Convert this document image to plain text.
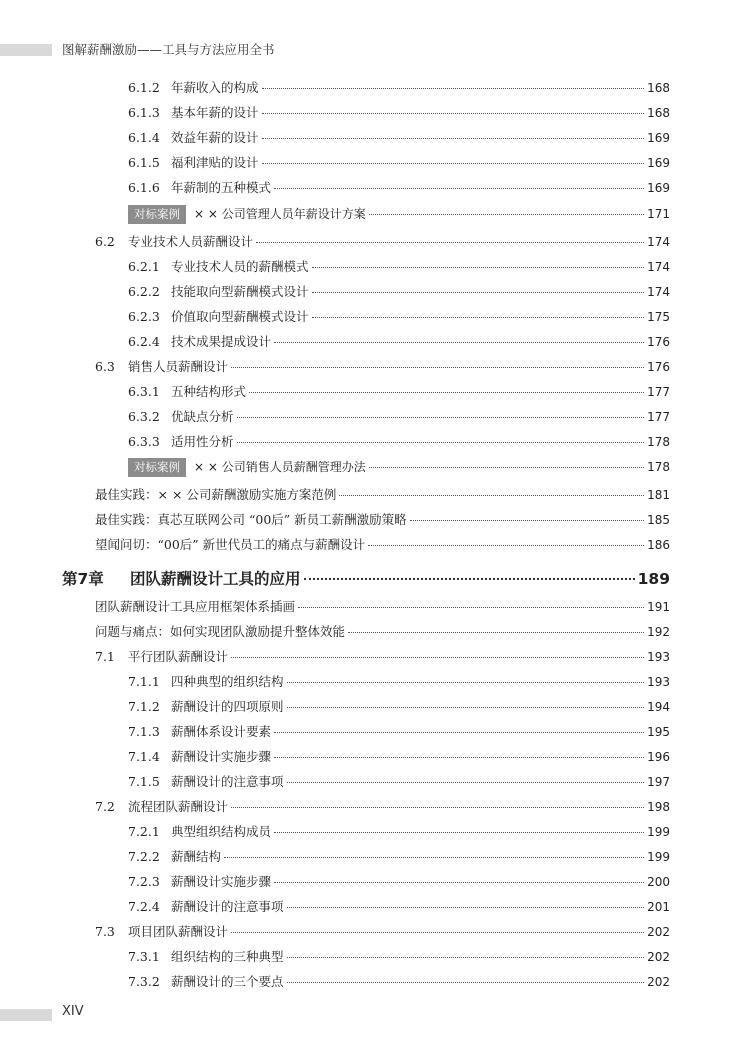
图解薪酬激励——工具与方法应用全书
6.1.2 年薪收入的构成	168
6.1.3 基本年薪的设计	168
6.1.4 效益年薪的设计	169
6.1.5 福利津贴的设计	169
6.1.6 年薪制的五种模式	169
对标案例	× × 公司管理人员年薪设计方案	171
6.2	专业技术人员薪酬设计	174
6.2.1 专业技术人员的薪酬模式	174
6.2.2 技能取向型薪酬模式设计	174
6.2.3 价值取向型薪酬模式设计	175
6.2.4 技术成果提成设计	176
6.3	销售人员薪酬设计	176
6.3.1 五种结构形式	177
6.3.2 优缺点分析	177
6.3.3 适用性分析	178
对标案例	× × 公司销售人员薪酬管理办法	178
最佳实践：× × 公司薪酬激励实施方案范例	181
最佳实践：真芯互联网公司 “00后” 新员工薪酬激励策略	185
望闻问切：“00后” 新世代员工的痛点与薪酬设计	186
第7章	团队薪酬设计工具的应用	189
团队薪酬设计工具应用框架体系插画	191
问题与痛点：如何实现团队激励提升整体效能	192
7.1	平行团队薪酬设计	193
7.1.1 四种典型的组织结构	193
7.1.2 薪酬设计的四项原则	194
7.1.3 薪酬体系设计要素	195
7.1.4 薪酬设计实施步骤	196
7.1.5 薪酬设计的注意事项	197
7.2	流程团队薪酬设计	198
7.2.1 典型组织结构成员	199
7.2.2 薪酬结构	199
7.2.3 薪酬设计实施步骤	200
7.2.4 薪酬设计的注意事项	201
7.3	项目团队薪酬设计	202
7.3.1 组织结构的三种典型	202
7.3.2 薪酬设计的三个要点	202
XIV
